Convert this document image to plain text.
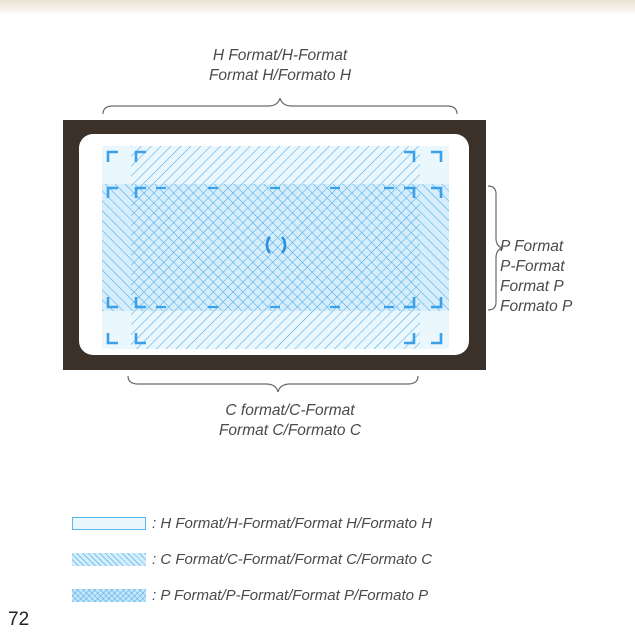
H Format/H-Format
Format H/Formato H
P Format
P-Format
Format P
Formato P
C format/C-Format
Format C/Formato C
: H Format/H-Format/Format H/Formato H
: C Format/C-Format/Format C/Formato C
: P Format/P-Format/Format P/Formato P
72
